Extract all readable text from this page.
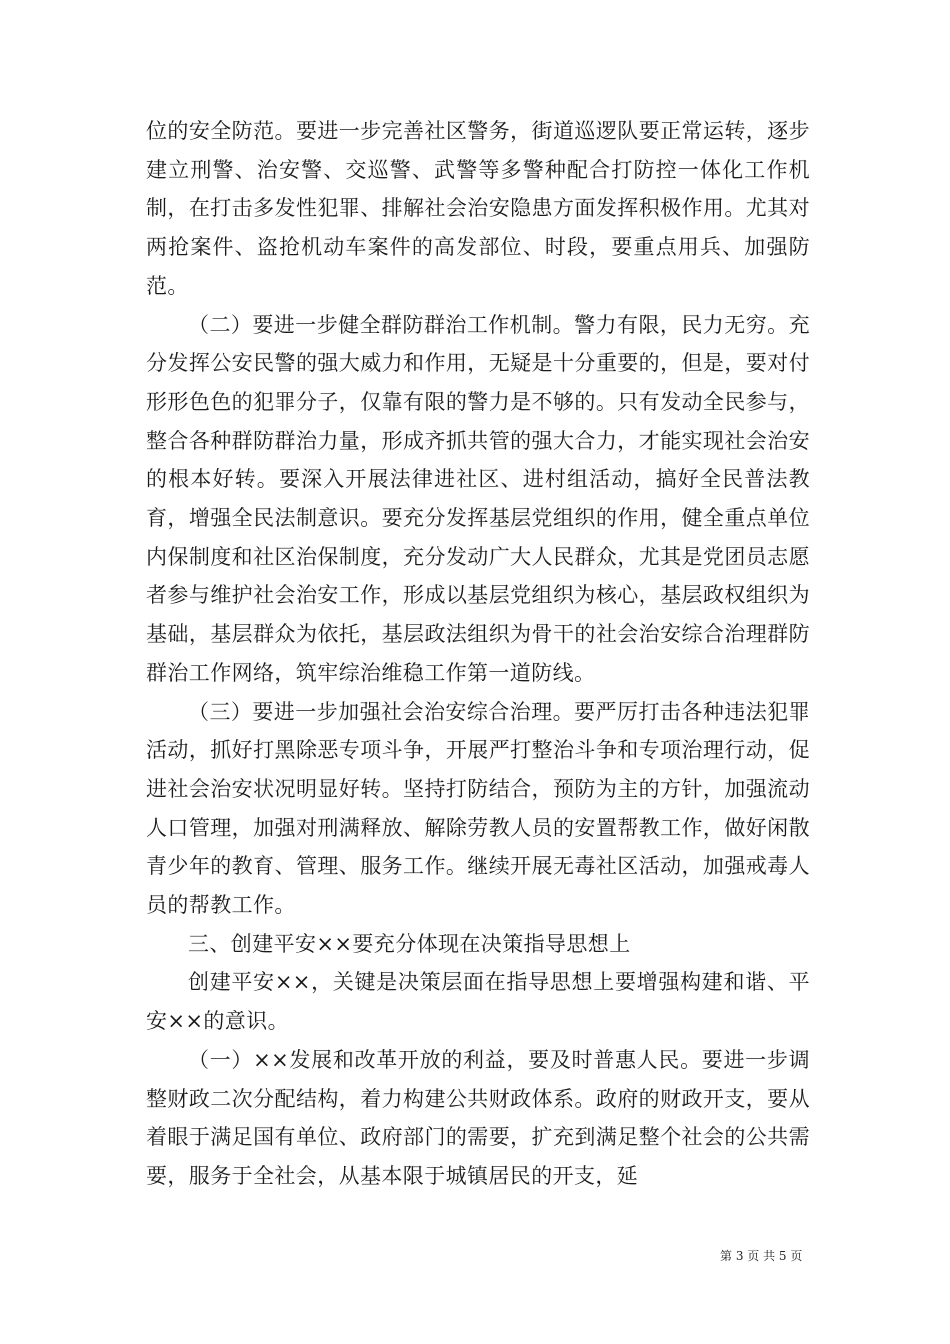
位的安全防范。要进一步完善社区警务，街道巡逻队要正常运转，逐步建立刑警、治安警、交巡警、武警等多警种配合打防控一体化工作机制，在打击多发性犯罪、排解社会治安隐患方面发挥积极作用。尤其对两抢案件、盗抢机动车案件的高发部位、时段，要重点用兵、加强防范。

（二）要进一步健全群防群治工作机制。警力有限，民力无穷。充分发挥公安民警的强大威力和作用，无疑是十分重要的，但是，要对付形形色色的犯罪分子，仅靠有限的警力是不够的。只有发动全民参与，整合各种群防群治力量，形成齐抓共管的强大合力，才能实现社会治安的根本好转。要深入开展法律进社区、进村组活动，搞好全民普法教育，增强全民法制意识。要充分发挥基层党组织的作用，健全重点单位内保制度和社区治保制度，充分发动广大人民群众，尤其是党团员志愿者参与维护社会治安工作，形成以基层党组织为核心，基层政权组织为基础，基层群众为依托，基层政法组织为骨干的社会治安综合治理群防群治工作网络，筑牢综治维稳工作第一道防线。

（三）要进一步加强社会治安综合治理。要严厉打击各种违法犯罪活动，抓好打黑除恶专项斗争，开展严打整治斗争和专项治理行动，促进社会治安状况明显好转。坚持打防结合，预防为主的方针，加强流动人口管理，加强对刑满释放、解除劳教人员的安置帮教工作，做好闲散青少年的教育、管理、服务工作。继续开展无毒社区活动，加强戒毒人员的帮教工作。

三、创建平安××要充分体现在决策指导思想上

创建平安××，关键是决策层面在指导思想上要增强构建和谐、平安××的意识。

（一）××发展和改革开放的利益，要及时普惠人民。要进一步调整财政二次分配结构，着力构建公共财政体系。政府的财政开支，要从着眼于满足国有单位、政府部门的需要，扩充到满足整个社会的公共需要，服务于全社会，从基本限于城镇居民的开支，延

第 3 页 共 5 页
